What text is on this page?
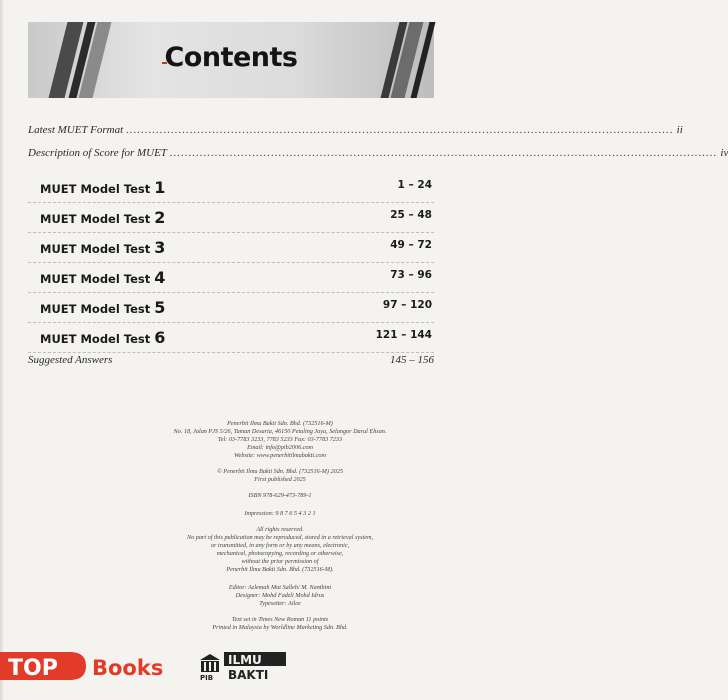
Contents
Latest MUET Format .................................................................................................................................................. ii
Description of Score for MUET .................................................................................................................................................. iv
MUET Model Test 1	1 – 24
MUET Model Test 2	25 – 48
MUET Model Test 3	49 – 72
MUET Model Test 4	73 – 96
MUET Model Test 5	97 – 120
MUET Model Test 6	121 – 144
Suggested Answers	145 – 156
Penerbit Ilmu Bakti Sdn. Bhd. (732516-M)
No. 18, Jalan PJS 5/26, Taman Desaria, 46150 Petaling Jaya, Selangor Darul Ehsan.
Tel: 03-7783 3233, 7783 5233 Fax: 03-7783 7233
Email: info@pib2006.com
Website: www.penerbitilmubakti.com
© Penerbit Ilmu Bakti Sdn. Bhd. (732516-M) 2025
First published 2025
ISBN 978-629-473-789-1
Impression: 9 8 7 6 5 4 3 2 1
All rights reserved.
No part of this publication may be reproduced, stored in a retrieval system,
or transmitted, in any form or by any means, electronic,
mechanical, photocopying, recording or otherwise,
without the prior permission of
Penerbit Ilmu Bakti Sdn. Bhd. (732516-M).
Editor: Azlemah Mat Salleh/ M. Nanthini
Designer: Mohd Fadzli Mohd Idrus
Typesetter: Ailee
Text set in Times New Roman 11 points
Printed in Malaysia by Worldline Marketing Sdn. Bhd.
TOP Books	PIB
ILMU
BAKTI
